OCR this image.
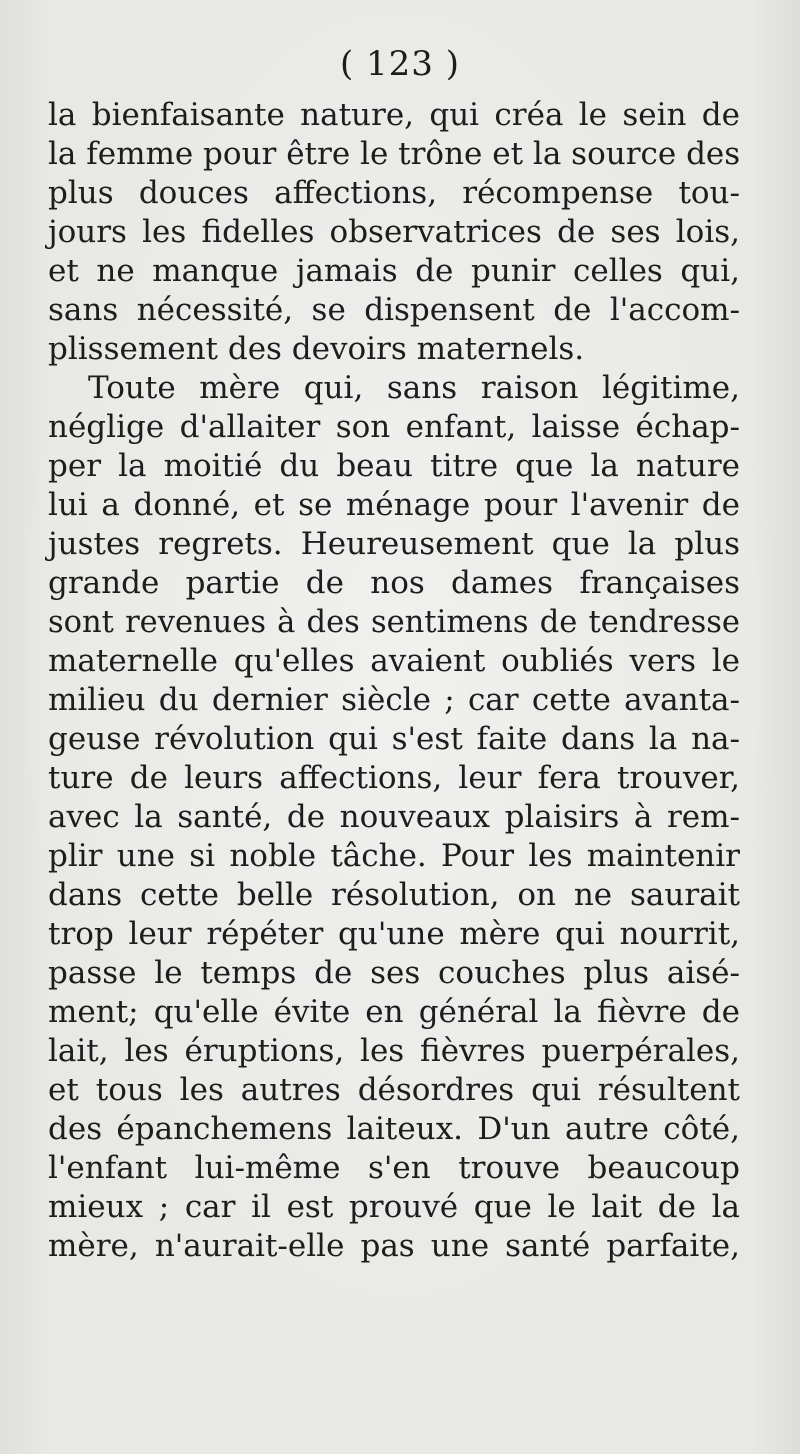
( 123 )
la bienfaisante nature, qui créa le sein de
la femme pour être le trône et la source des
plus douces affections, récompense tou-
jours les fidelles observatrices de ses lois,
et ne manque jamais de punir celles qui,
sans nécessité, se dispensent de l'accom-
plissement des devoirs maternels.
Toute mère qui, sans raison légitime,
néglige d'allaiter son enfant, laisse échap-
per la moitié du beau titre que la nature
lui a donné, et se ménage pour l'avenir de
justes regrets. Heureusement que la plus
grande partie de nos dames françaises
sont revenues à des sentimens de tendresse
maternelle qu'elles avaient oubliés vers le
milieu du dernier siècle ; car cette avanta-
geuse révolution qui s'est faite dans la na-
ture de leurs affections, leur fera trouver,
avec la santé, de nouveaux plaisirs à rem-
plir une si noble tâche. Pour les maintenir
dans cette belle résolution, on ne saurait
trop leur répéter qu'une mère qui nourrit,
passe le temps de ses couches plus aisé-
ment; qu'elle évite en général la fièvre de
lait, les éruptions, les fièvres puerpérales,
et tous les autres désordres qui résultent
des épanchemens laiteux. D'un autre côté,
l'enfant lui-même s'en trouve beaucoup
mieux ; car il est prouvé que le lait de la
mère, n'aurait-elle pas une santé parfaite,
